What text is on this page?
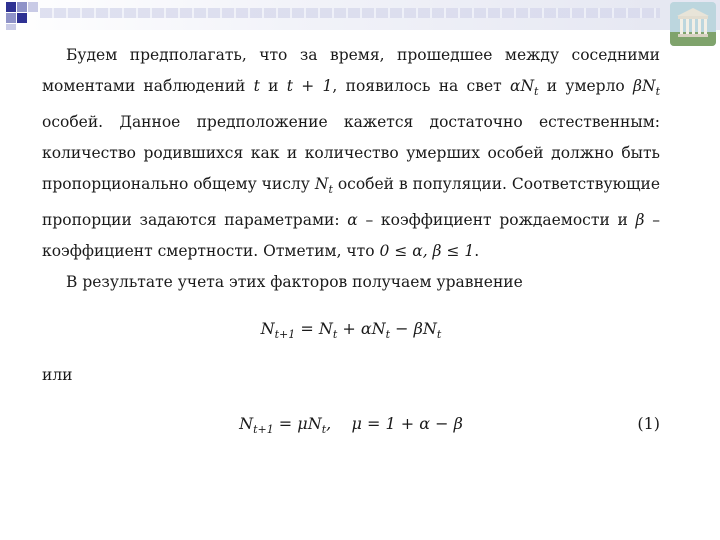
Будем предполагать, что за время, прошедшее между соседними моментами наблюдений t и t + 1, появилось на свет $\alpha N_t$ и умерло $\beta N_t$ особей. Данное предположение кажется достаточно естественным: количество родившихся как и количество умерших особей должно быть пропорционально общему числу $N_t$ особей в популяции. Соответствующие пропорции задаются параметрами: α – коэффициент рождаемости и β – коэффициент смертности. Отметим, что 0 ≤ α, β ≤ 1.

В результате учета этих факторов получаем уравнение

$N_{t+1} = N_t + \alpha N_t - \beta N_t$

или

$N_{t+1} = \mu N_t$,    μ = 1 + α − β	(1)
